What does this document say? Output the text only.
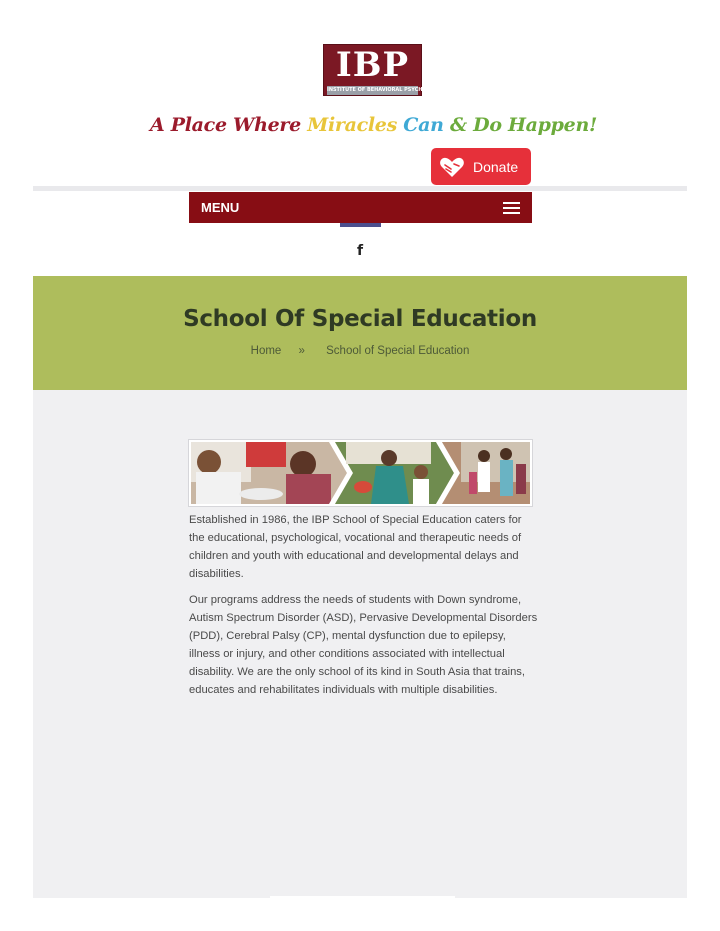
IBP
INSTITUTE OF BEHAVIORAL PSYCHOLOGY
A Place Where Miracles Can & Do Happen!
Donate
MENU
f
School Of Special Education
Home » School of Special Education

Established in 1986, the IBP School of Special Education caters for the educational, psychological, vocational and therapeutic needs of children and youth with educational and developmental delays and disabilities.

Our programs address the needs of students with Down syndrome, Autism Spectrum Disorder (ASD), Pervasive Developmental Disorders (PDD), Cerebral Palsy (CP), mental dysfunction due to epilepsy, illness or injury, and other conditions associated with intellectual disability. We are the only school of its kind in South Asia that trains, educates and rehabilitates individuals with multiple disabilities.
